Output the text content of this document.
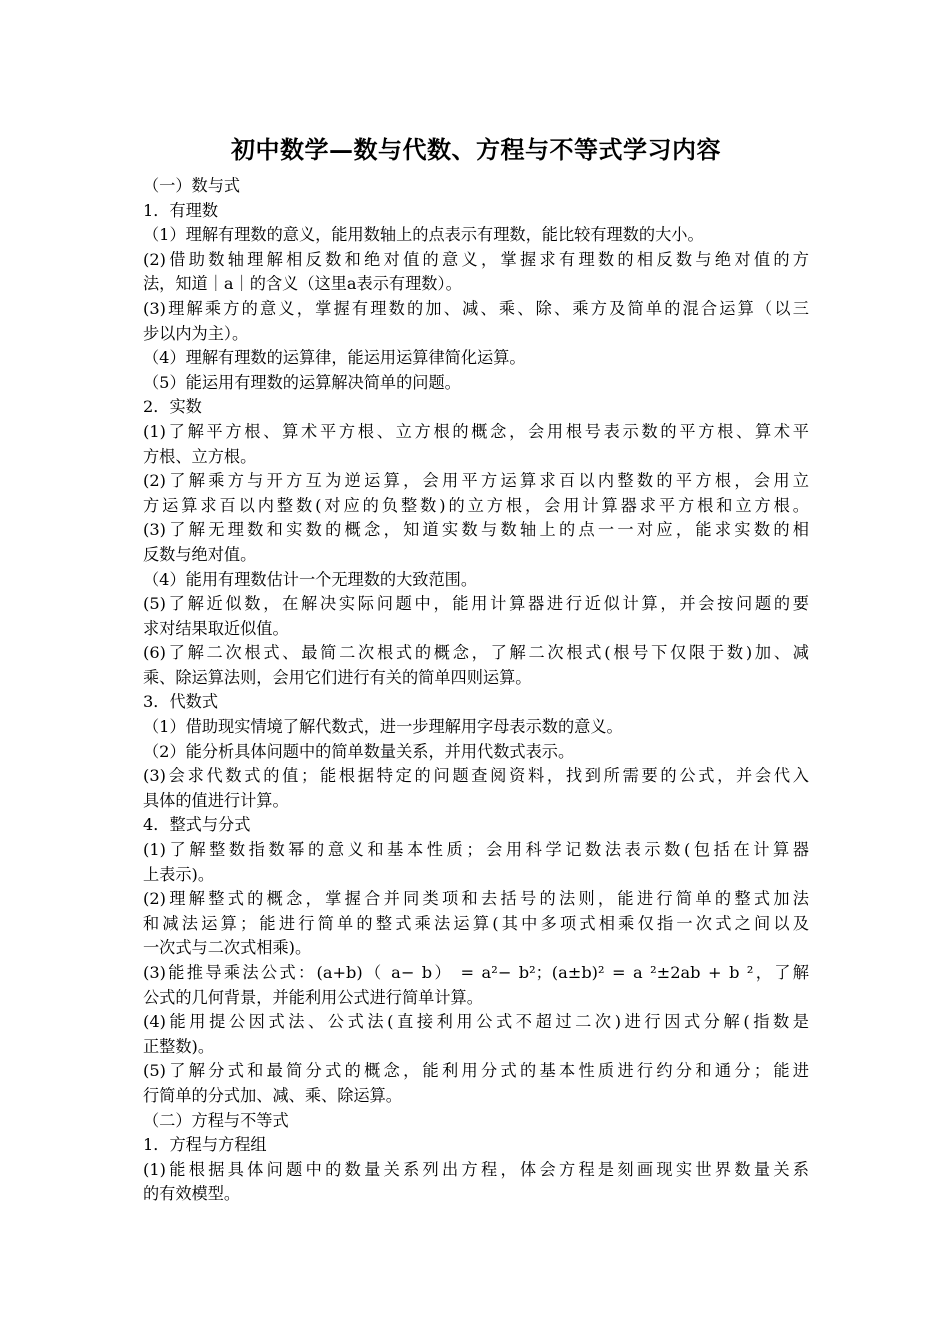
初中数学—数与代数、方程与不等式学习内容

（一）数与式

1．有理数

（1）理解有理数的意义，能用数轴上的点表示有理数，能比较有理数的大小。

(2)借助数轴理解相反数和绝对值的意义，掌握求有理数的相反数与绝对值的方

法，知道｜a｜的含义（这里a表示有理数）。

(3)理解乘方的意义，掌握有理数的加、减、乘、除、乘方及简单的混合运算（以三

步以内为主）。

（4）理解有理数的运算律，能运用运算律简化运算。

（5）能运用有理数的运算解决简单的问题。

2．实数

(1)了解平方根、算术平方根、立方根的概念，会用根号表示数的平方根、算术平

方根、立方根。

(2)了解乘方与开方互为逆运算，会用平方运算求百以内整数的平方根，会用立

方运算求百以内整数(对应的负整数)的立方根，会用计算器求平方根和立方根。

(3)了解无理数和实数的概念，知道实数与数轴上的点一一对应，能求实数的相

反数与绝对值。

（4）能用有理数估计一个无理数的大致范围。

(5)了解近似数，在解决实际问题中，能用计算器进行近似计算，并会按问题的要

求对结果取近似值。

(6)了解二次根式、最简二次根式的概念，了解二次根式(根号下仅限于数)加、减

乘、除运算法则，会用它们进行有关的简单四则运算。

3．代数式

（1）借助现实情境了解代数式，进一步理解用字母表示数的意义。

（2）能分析具体问题中的简单数量关系，并用代数式表示。

(3)会求代数式的值；能根据特定的问题查阅资料，找到所需要的公式，并会代入

具体的值进行计算。

4．整式与分式

(1)了解整数指数幂的意义和基本性质；会用科学记数法表示数(包括在计算器

上表示)。

(2)理解整式的概念，掌握合并同类项和去括号的法则，能进行简单的整式加法

和减法运算；能进行简单的整式乘法运算(其中多项式相乘仅指一次式之间以及

一次式与二次式相乘)。

(3)能推导乘法公式：(a+b)（ a− b） = a²− b²；(a±b)² = a ²±2ab + b ²，了解

公式的几何背景，并能利用公式进行简单计算。

(4)能用提公因式法、公式法(直接利用公式不超过二次)进行因式分解(指数是

正整数)。

(5)了解分式和最简分式的概念，能利用分式的基本性质进行约分和通分；能进

行简单的分式加、减、乘、除运算。

（二）方程与不等式

1．方程与方程组

(1)能根据具体问题中的数量关系列出方程，体会方程是刻画现实世界数量关系

的有效模型。
